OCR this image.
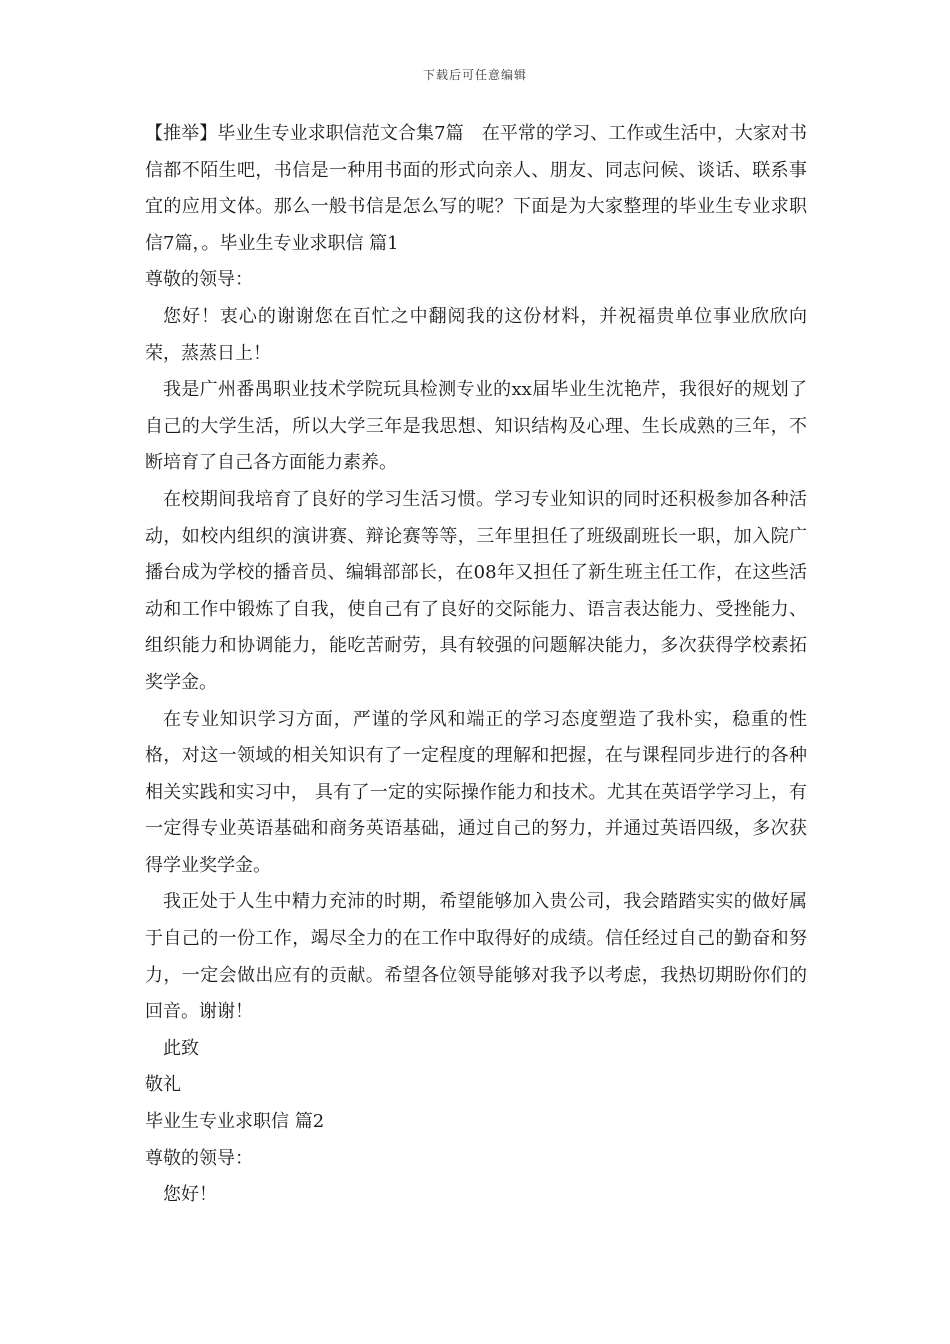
下载后可任意编辑

【推举】毕业生专业求职信范文合集7篇　在平常的学习、工作或生活中，大家对书信都不陌生吧，书信是一种用书面的形式向亲人、朋友、同志问候、谈话、联系事宜的应用文体。那么一般书信是怎么写的呢？下面是为大家整理的毕业生专业求职信7篇，。毕业生专业求职信 篇1

尊敬的领导：

您好！衷心的谢谢您在百忙之中翻阅我的这份材料，并祝福贵单位事业欣欣向荣，蒸蒸日上！

我是广州番禺职业技术学院玩具检测专业的xx届毕业生沈艳芹，我很好的规划了自己的大学生活，所以大学三年是我思想、知识结构及心理、生长成熟的三年，不断培育了自己各方面能力素养。

在校期间我培育了良好的学习生活习惯。学习专业知识的同时还积极参加各种活动，如校内组织的演讲赛、辩论赛等等，三年里担任了班级副班长一职，加入院广播台成为学校的播音员、编辑部部长，在08年又担任了新生班主任工作，在这些活动和工作中锻炼了自我，使自己有了良好的交际能力、语言表达能力、受挫能力、组织能力和协调能力，能吃苦耐劳，具有较强的问题解决能力，多次获得学校素拓奖学金。

在专业知识学习方面，严谨的学风和端正的学习态度塑造了我朴实，稳重的性格，对这一领域的相关知识有了一定程度的理解和把握，在与课程同步进行的各种相关实践和实习中， 具有了一定的实际操作能力和技术。尤其在英语学学习上，有一定得专业英语基础和商务英语基础，通过自己的努力，并通过英语四级，多次获得学业奖学金。

我正处于人生中精力充沛的时期，希望能够加入贵公司，我会踏踏实实的做好属于自己的一份工作，竭尽全力的在工作中取得好的成绩。信任经过自己的勤奋和努力，一定会做出应有的贡献。希望各位领导能够对我予以考虑，我热切期盼你们的回音。谢谢！

此致

敬礼

毕业生专业求职信 篇2

尊敬的领导：

您好！
